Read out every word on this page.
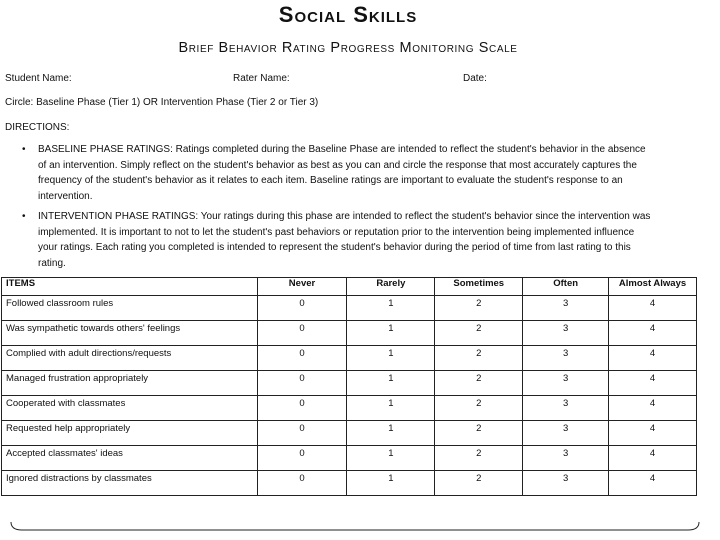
Social Skills
Brief Behavior Rating Progress Monitoring Scale
Student Name:	Rater Name:	Date:
Circle: Baseline Phase (Tier 1) OR Intervention Phase (Tier 2 or Tier 3)
DIRECTIONS:
• BASELINE PHASE RATINGS: Ratings completed during the Baseline Phase are intended to reflect the student's behavior in the absence
of an intervention. Simply reflect on the student's behavior as best as you can and circle the response that most accurately captures the
frequency of the student's behavior as it relates to each item. Baseline ratings are important to evaluate the student's response to an
intervention.
• INTERVENTION PHASE RATINGS: Your ratings during this phase are intended to reflect the student's behavior since the intervention was
implemented. It is important to not to let the student's past behaviors or reputation prior to the intervention being implemented influence
your ratings. Each rating you completed is intended to represent the student's behavior during the period of time from last rating to this
rating.
ITEMS	Never	Rarely	Sometimes	Often	Almost Always
Followed classroom rules	0	1	2	3	4
Was sympathetic towards others' feelings	0	1	2	3	4
Complied with adult directions/requests	0	1	2	3	4
Managed frustration appropriately	0	1	2	3	4
Cooperated with classmates	0	1	2	3	4
Requested help appropriately	0	1	2	3	4
Accepted classmates' ideas	0	1	2	3	4
Ignored distractions by classmates	0	1	2	3	4
